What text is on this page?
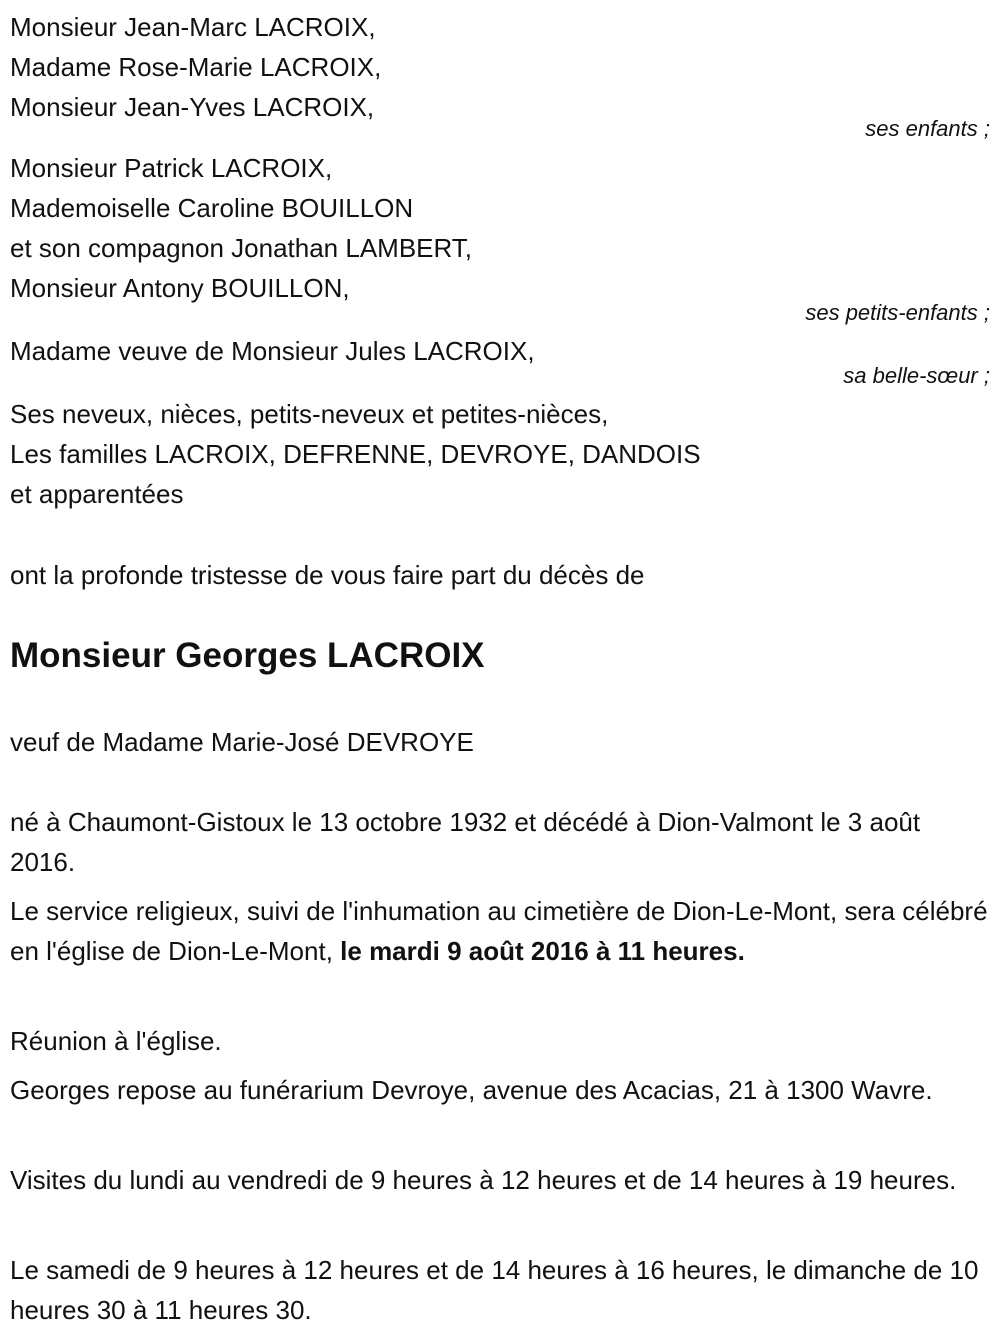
Monsieur Jean-Marc LACROIX,
Madame Rose-Marie LACROIX,
Monsieur Jean-Yves LACROIX,
ses enfants ;
Monsieur Patrick LACROIX,
Mademoiselle Caroline BOUILLON
et son compagnon Jonathan LAMBERT,
Monsieur Antony BOUILLON,
ses petits-enfants ;
Madame veuve de Monsieur Jules LACROIX,
sa belle-sœur ;
Ses neveux, nièces, petits-neveux et petites-nièces,
Les familles LACROIX, DEFRENNE, DEVROYE, DANDOIS
et apparentées
ont la profonde tristesse de vous faire part du décès de
Monsieur Georges LACROIX
veuf de Madame Marie-José DEVROYE
né à Chaumont-Gistoux le 13 octobre 1932 et décédé à Dion-Valmont le 3 août 2016.
Le service religieux, suivi de l'inhumation au cimetière de Dion-Le-Mont, sera célébré en l'église de Dion-Le-Mont, le mardi 9 août 2016 à 11 heures.
Réunion à l'église.
Georges repose au funérarium Devroye, avenue des Acacias, 21 à 1300 Wavre.
Visites du lundi au vendredi de 9 heures à 12 heures et de 14 heures à 19 heures.
Le samedi de 9 heures à 12 heures et de 14 heures à 16 heures, le dimanche de 10 heures 30 à 11 heures 30.
